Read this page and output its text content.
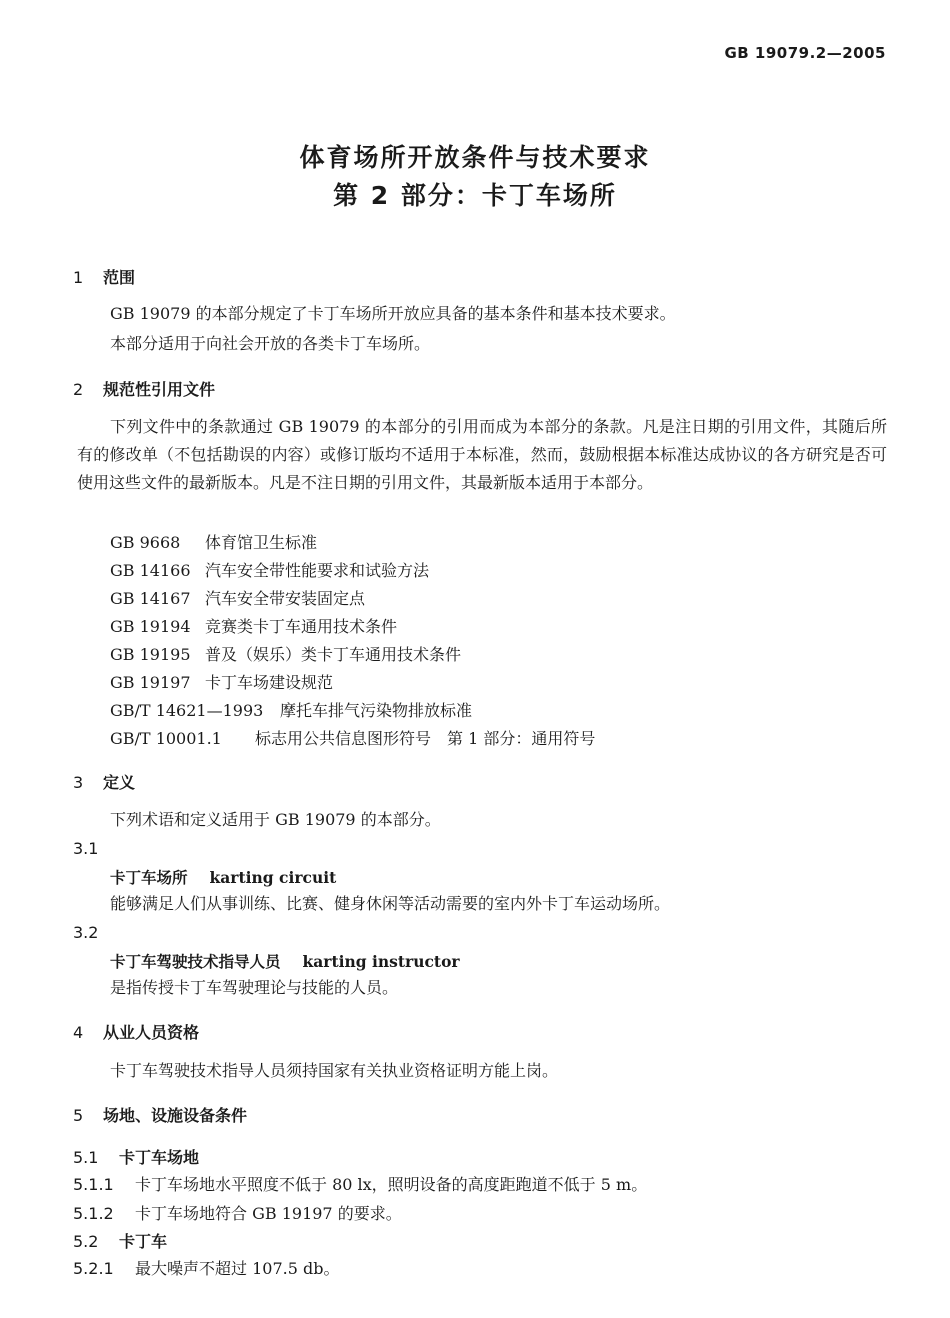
GB 19079.2—2005
体育场所开放条件与技术要求
第 2 部分：卡丁车场所
1 范围
GB 19079 的本部分规定了卡丁车场所开放应具备的基本条件和基本技术要求。
本部分适用于向社会开放的各类卡丁车场所。
2 规范性引用文件
下列文件中的条款通过 GB 19079 的本部分的引用而成为本部分的条款。凡是注日期的引用文件，其随后所有的修改单（不包括勘误的内容）或修订版均不适用于本标准，然而，鼓励根据本标准达成协议的各方研究是否可使用这些文件的最新版本。凡是不注日期的引用文件，其最新版本适用于本部分。
GB 9668 体育馆卫生标准
GB 14166 汽车安全带性能要求和试验方法
GB 14167 汽车安全带安装固定点
GB 19194 竞赛类卡丁车通用技术条件
GB 19195 普及（娱乐）类卡丁车通用技术条件
GB 19197 卡丁车场建设规范
GB/T 14621—1993 摩托车排气污染物排放标准
GB/T 10001.1 标志用公共信息图形符号　第 1 部分：通用符号
3 定义
下列术语和定义适用于 GB 19079 的本部分。
3.1
卡丁车场所 karting circuit
能够满足人们从事训练、比赛、健身休闲等活动需要的室内外卡丁车运动场所。
3.2
卡丁车驾驶技术指导人员 karting instructor
是指传授卡丁车驾驶理论与技能的人员。
4 从业人员资格
卡丁车驾驶技术指导人员须持国家有关执业资格证明方能上岗。
5 场地、设施设备条件
5.1 卡丁车场地
5.1.1 卡丁车场地水平照度不低于 80 lx，照明设备的高度距跑道不低于 5 m。
5.1.2 卡丁车场地符合 GB 19197 的要求。
5.2 卡丁车
5.2.1 最大噪声不超过 107.5 db。
